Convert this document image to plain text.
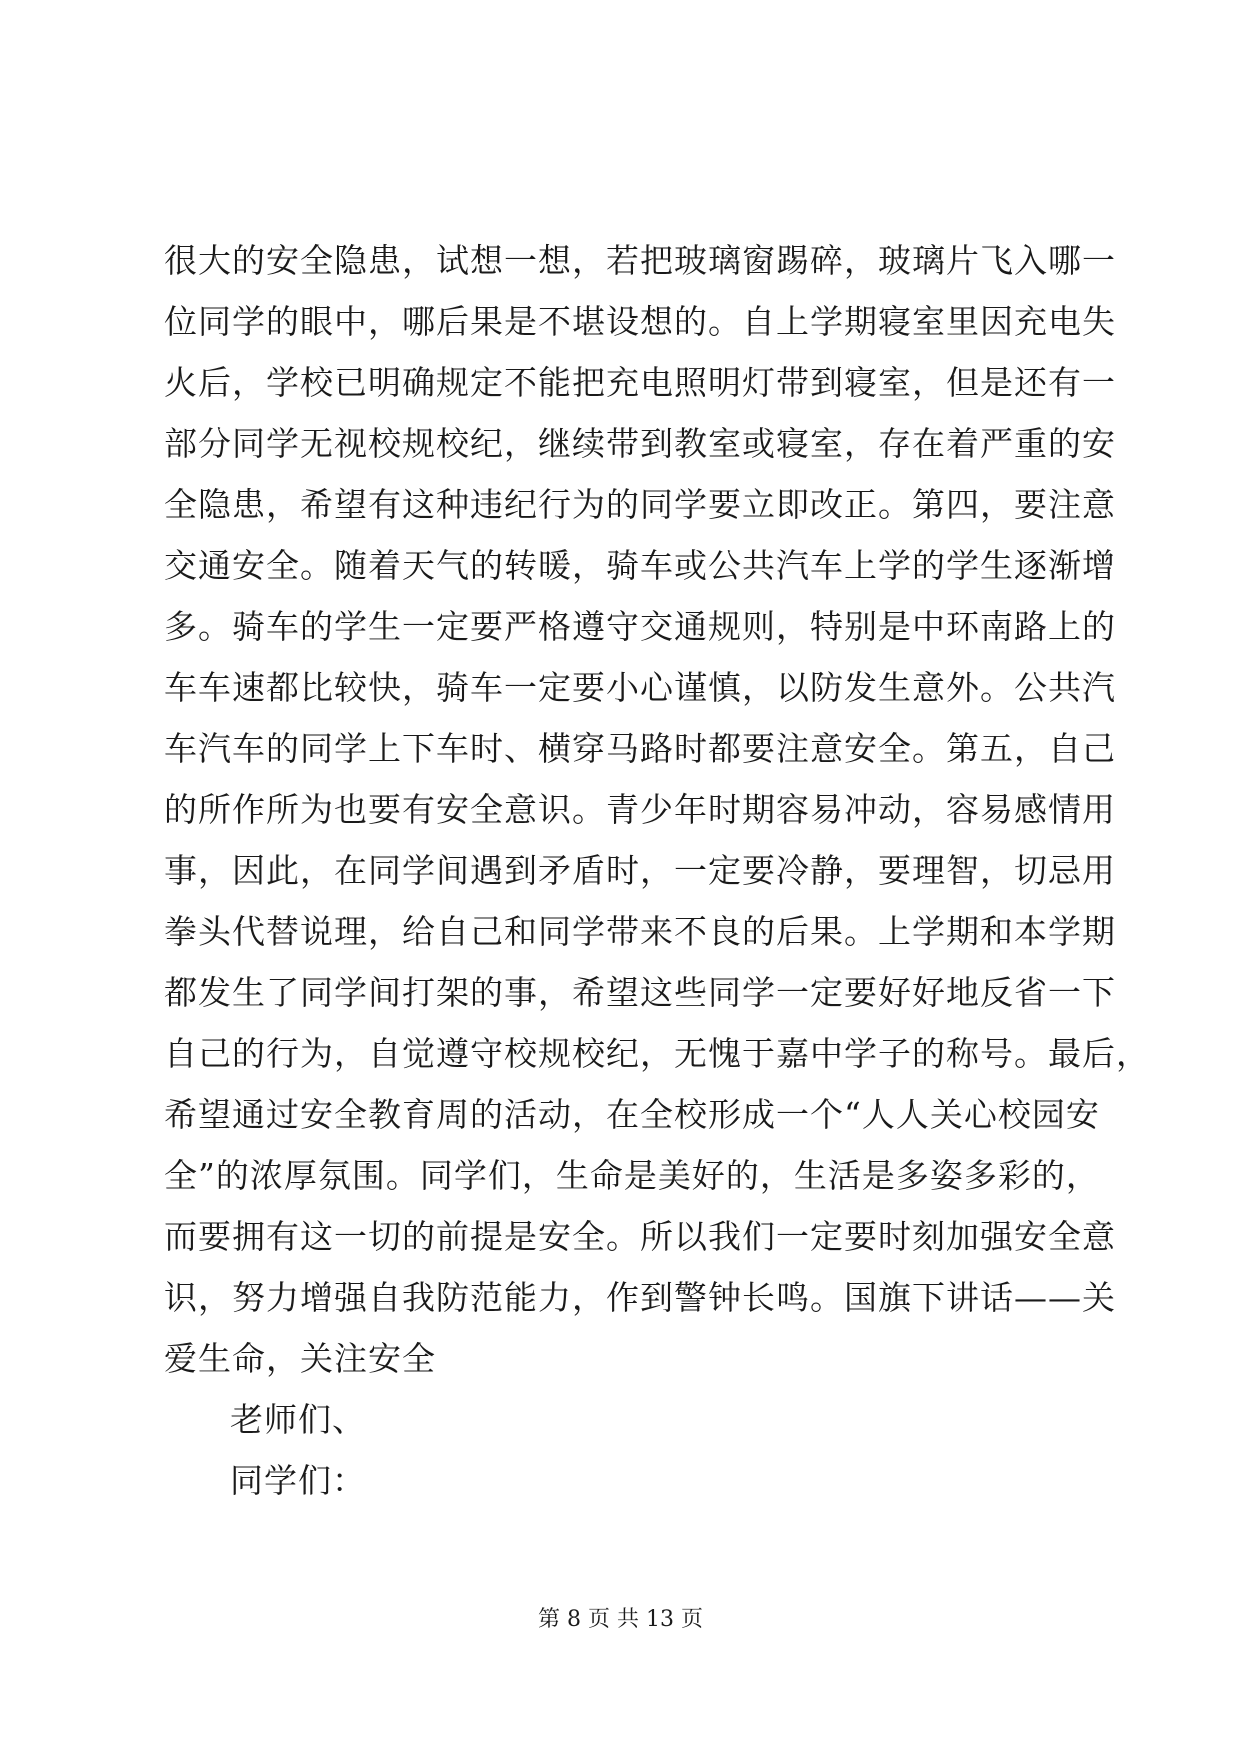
很大的安全隐患，试想一想，若把玻璃窗踢碎，玻璃片飞入哪一
位同学的眼中，哪后果是不堪设想的。自上学期寝室里因充电失
火后，学校已明确规定不能把充电照明灯带到寝室，但是还有一
部分同学无视校规校纪，继续带到教室或寝室，存在着严重的安
全隐患，希望有这种违纪行为的同学要立即改正。第四，要注意
交通安全。随着天气的转暖，骑车或公共汽车上学的学生逐渐增
多。骑车的学生一定要严格遵守交通规则，特别是中环南路上的
车车速都比较快，骑车一定要小心谨慎，以防发生意外。公共汽
车汽车的同学上下车时、横穿马路时都要注意安全。第五，自己
的所作所为也要有安全意识。青少年时期容易冲动，容易感情用
事，因此，在同学间遇到矛盾时，一定要冷静，要理智，切忌用
拳头代替说理，给自己和同学带来不良的后果。上学期和本学期
都发生了同学间打架的事，希望这些同学一定要好好地反省一下
自己的行为，自觉遵守校规校纪，无愧于嘉中学子的称号。最后，
希望通过安全教育周的活动，在全校形成一个“人人关心校园安
全”的浓厚氛围。同学们，生命是美好的，生活是多姿多彩的，
而要拥有这一切的前提是安全。所以我们一定要时刻加强安全意
识，努力增强自我防范能力，作到警钟长鸣。国旗下讲话——关
爱生命，关注安全
老师们、
同学们：
第 8 页 共 13 页
